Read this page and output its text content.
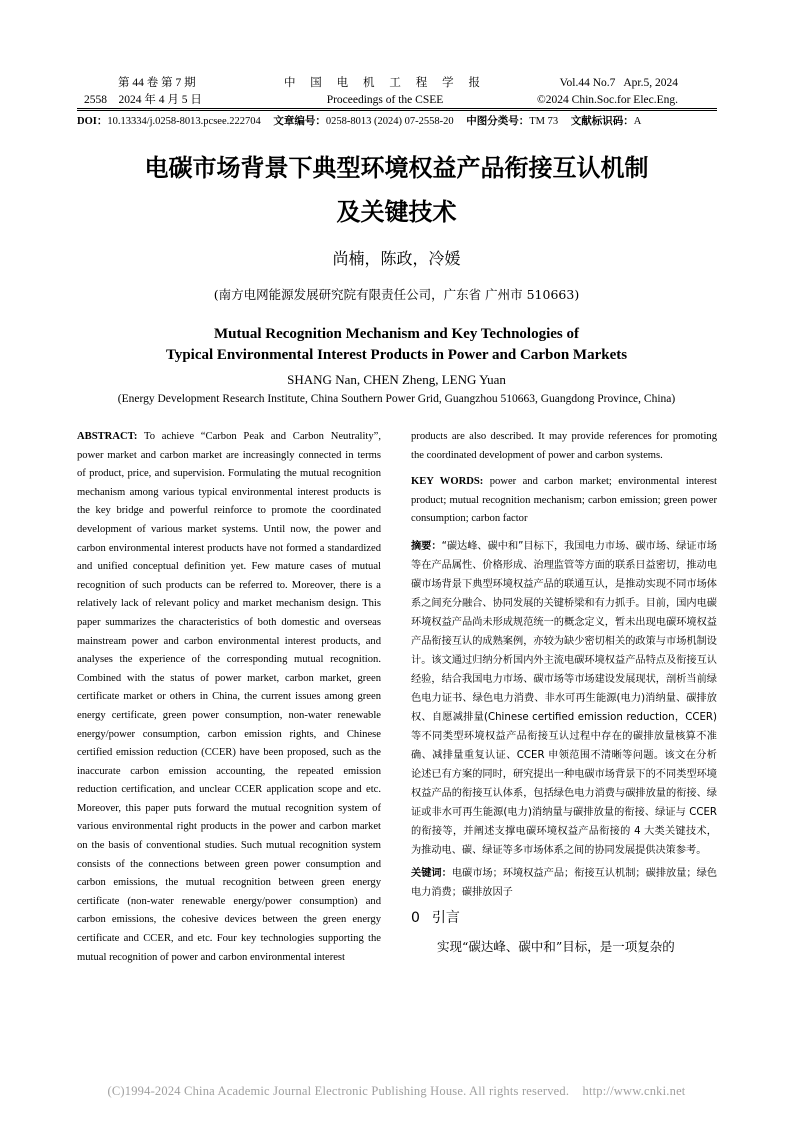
第 44 卷 第 7 期
2558    2024 年 4 月 5 日
中 国 电 机 工 程 学 报
Proceedings of the CSEE
Vol.44 No.7   Apr.5, 2024
©2024 Chin.Soc.for Elec.Eng.
DOI：10.13334/j.0258-8013.pcsee.222704 文章编号：0258-8013 (2024) 07-2558-20 中图分类号：TM 73 文献标识码：A
电碳市场背景下典型环境权益产品衔接互认机制
及关键技术
尚楠，陈政，冷媛
(南方电网能源发展研究院有限责任公司，广东省 广州市 510663)
Mutual Recognition Mechanism and Key Technologies of
Typical Environmental Interest Products in Power and Carbon Markets
SHANG Nan, CHEN Zheng, LENG Yuan
(Energy Development Research Institute, China Southern Power Grid, Guangzhou 510663, Guangdong Province, China)
ABSTRACT: To achieve “Carbon Peak and Carbon Neutrality”, power market and carbon market are increasingly connected in terms of product, price, and supervision. Formulating the mutual recognition mechanism among various typical environmental interest products is the key bridge and powerful reinforce to promote the coordinated development of various market systems. Until now, the power and carbon environmental interest products have not formed a standardized and unified conceptual definition yet. Few mature cases of mutual recognition of such products can be referred to. Moreover, there is a relatively lack of relevant policy and market mechanism design. This paper summarizes the characteristics of both domestic and overseas mainstream power and carbon environmental interest products, and analyses the experience of the corresponding mutual recognition. Combined with the status of power market, carbon market, green certificate market or others in China, the current issues among green energy certificate, green power consumption, non-water renewable energy/power consumption, carbon emission rights, and Chinese certified emission reduction (CCER) have been proposed, such as the inaccurate carbon emission accounting, the repeated emission reduction certification, and unclear CCER application scope and etc. Moreover, this paper puts forward the mutual recognition system of various environmental right products in the power and carbon market on the basis of conventional studies. Such mutual recognition system consists of the connections between green power consumption and carbon emissions, the mutual recognition between green energy certificate (non-water renewable energy/power consumption) and carbon emissions, the cohesive devices between the green energy certificate and CCER, and etc. Four key technologies supporting the mutual recognition of power and carbon environmental interest
products are also described. It may provide references for promoting the coordinated development of power and carbon systems.
KEY WORDS: power and carbon market; environmental interest product; mutual recognition mechanism; carbon emission; green power consumption; carbon factor
摘要：“碳达峰、碳中和”目标下，我国电力市场、碳市场、绿证市场等在产品属性、价格形成、治理监管等方面的联系日益密切，推动电碳市场背景下典型环境权益产品的联通互认，是推动实现不同市场体系之间充分融合、协同发展的关键桥梁和有力抓手。目前，国内电碳环境权益产品尚未形成规范统一的概念定义，暂未出现电碳环境权益产品衔接互认的成熟案例，亦较为缺少密切相关的政策与市场机制设计。该文通过归纳分析国内外主流电碳环境权益产品特点及衔接互认经验，结合我国电力市场、碳市场等市场建设发展现状，剖析当前绿色电力证书、绿色电力消费、非水可再生能源(电力)消纳量、碳排放权、自愿减排量(Chinese certified emission reduction，CCER)等不同类型环境权益产品衔接互认过程中存在的碳排放量核算不准确、减排量重复认证、CCER 申领范围不清晰等问题。该文在分析论述已有方案的同时，研究提出一种电碳市场背景下的不同类型环境权益产品的衔接互认体系，包括绿色电力消费与碳排放量的衔接、绿证或非水可再生能源(电力)消纳量与碳排放量的衔接、绿证与 CCER 的衔接等，并阐述支撑电碳环境权益产品衔接的 4 大类关键技术，为推动电、碳、绿证等多市场体系之间的协同发展提供决策参考。
关键词：电碳市场；环境权益产品；衔接互认机制；碳排放量；绿色电力消费；碳排放因子
0 引言
实现“碳达峰、碳中和”目标，是一项复杂的
(C)1994-2024 China Academic Journal Electronic Publishing House. All rights reserved.    http://www.cnki.net
